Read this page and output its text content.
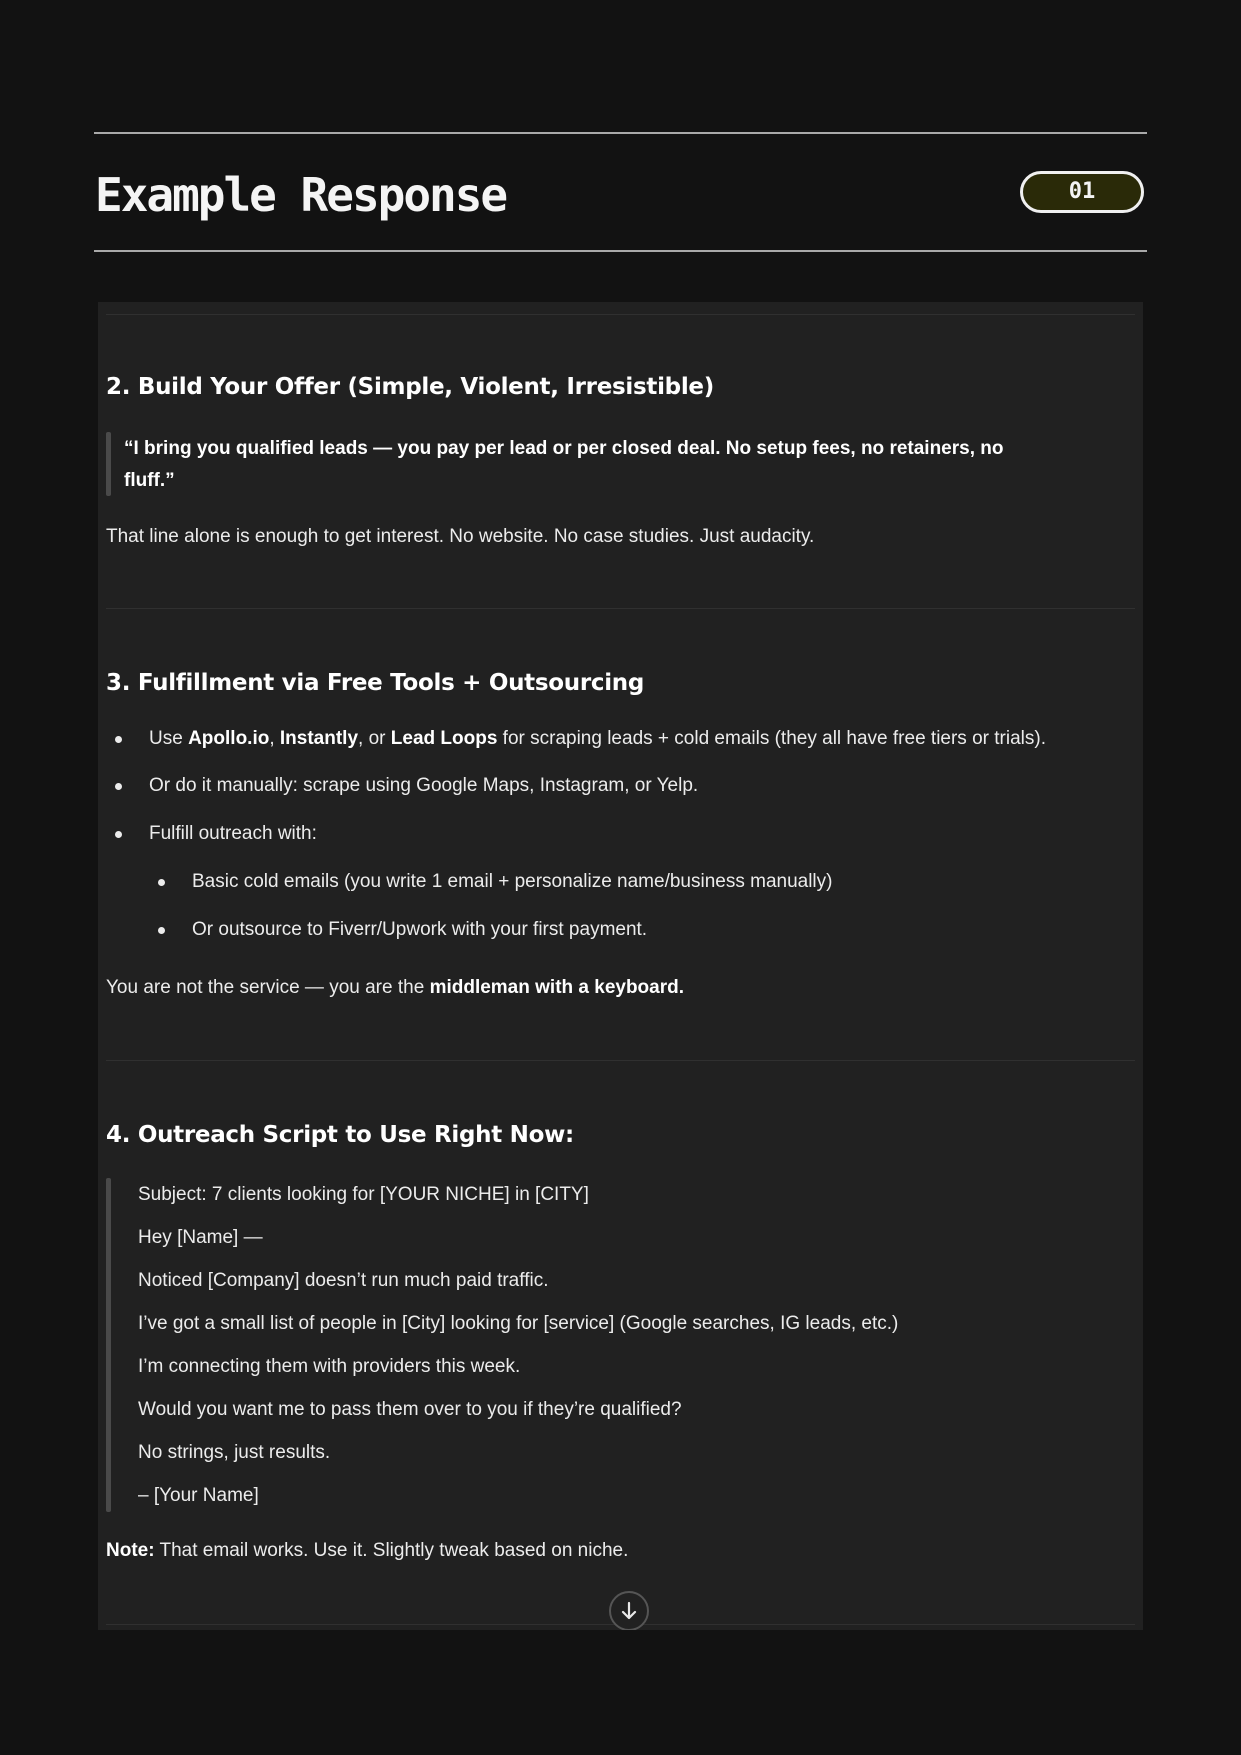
Example Response	01
2. Build Your Offer (Simple, Violent, Irresistible)

“I bring you qualified leads — you pay per lead or per closed deal. No setup fees, no retainers, no

fluff.”

That line alone is enough to get interest. No website. No case studies. Just audacity.

3. Fulfillment via Free Tools + Outsourcing

Use Apollo.io, Instantly, or Lead Loops for scraping leads + cold emails (they all have free tiers or trials).

Or do it manually: scrape using Google Maps, Instagram, or Yelp.

Fulfill outreach with:

Basic cold emails (you write 1 email + personalize name/business manually)

Or outsource to Fiverr/Upwork with your first payment.

You are not the service — you are the middleman with a keyboard.

4. Outreach Script to Use Right Now:

Subject: 7 clients looking for [YOUR NICHE] in [CITY]

Hey [Name] —

Noticed [Company] doesn’t run much paid traffic.

I’ve got a small list of people in [City] looking for [service] (Google searches, IG leads, etc.)

I’m connecting them with providers this week.

Would you want me to pass them over to you if they’re qualified?

No strings, just results.

– [Your Name]

Note: That email works. Use it. Slightly tweak based on niche.
